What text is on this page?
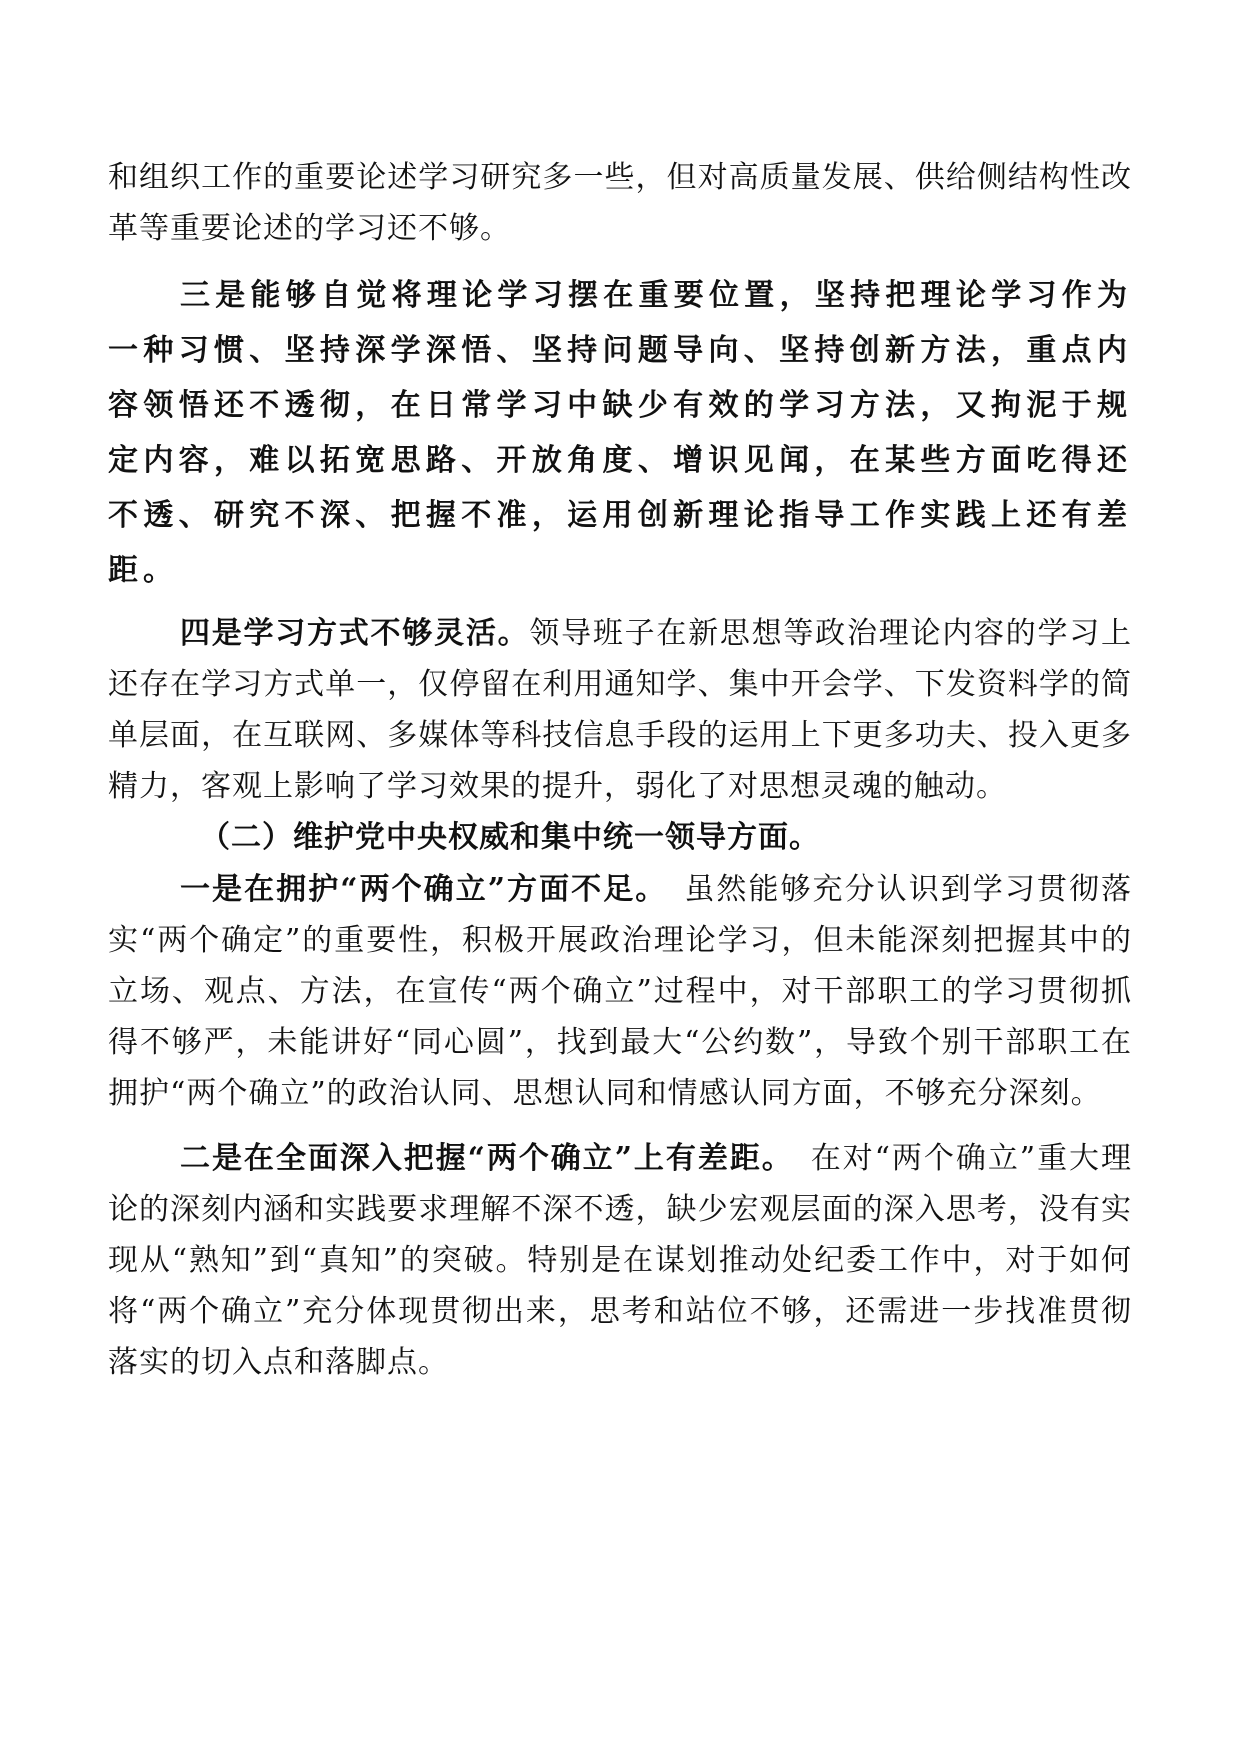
和组织工作的重要论述学习研究多一些，但对高质量发展、供给侧结构性改革等重要论述的学习还不够。

三是能够自觉将理论学习摆在重要位置，坚持把理论学习作为一种习惯、坚持深学深悟、坚持问题导向、坚持创新方法，重点内容领悟还不透彻，在日常学习中缺少有效的学习方法，又拘泥于规定内容，难以拓宽思路、开放角度、增识见闻，在某些方面吃得还不透、研究不深、把握不准，运用创新理论指导工作实践上还有差距。

四是学习方式不够灵活。领导班子在新思想等政治理论内容的学习上还存在学习方式单一，仅停留在利用通知学、集中开会学、下发资料学的简单层面，在互联网、多媒体等科技信息手段的运用上下更多功夫、投入更多精力，客观上影响了学习效果的提升，弱化了对思想灵魂的触动。

（二）维护党中央权威和集中统一领导方面。

一是在拥护“两个确立”方面不足。　虽然能够充分认识到学习贯彻落实“两个确定”的重要性，积极开展政治理论学习，但未能深刻把握其中的立场、观点、方法，在宣传“两个确立”过程中，对干部职工的学习贯彻抓得不够严，未能讲好“同心圆”，找到最大“公约数”，导致个别干部职工在拥护“两个确立”的政治认同、思想认同和情感认同方面，不够充分深刻。

二是在全面深入把握“两个确立”上有差距。　在对“两个确立”重大理论的深刻内涵和实践要求理解不深不透，缺少宏观层面的深入思考，没有实现从“熟知”到“真知”的突破。特别是在谋划推动处纪委工作中，对于如何将“两个确立”充分体现贯彻出来，思考和站位不够，还需进一步找准贯彻落实的切入点和落脚点。
